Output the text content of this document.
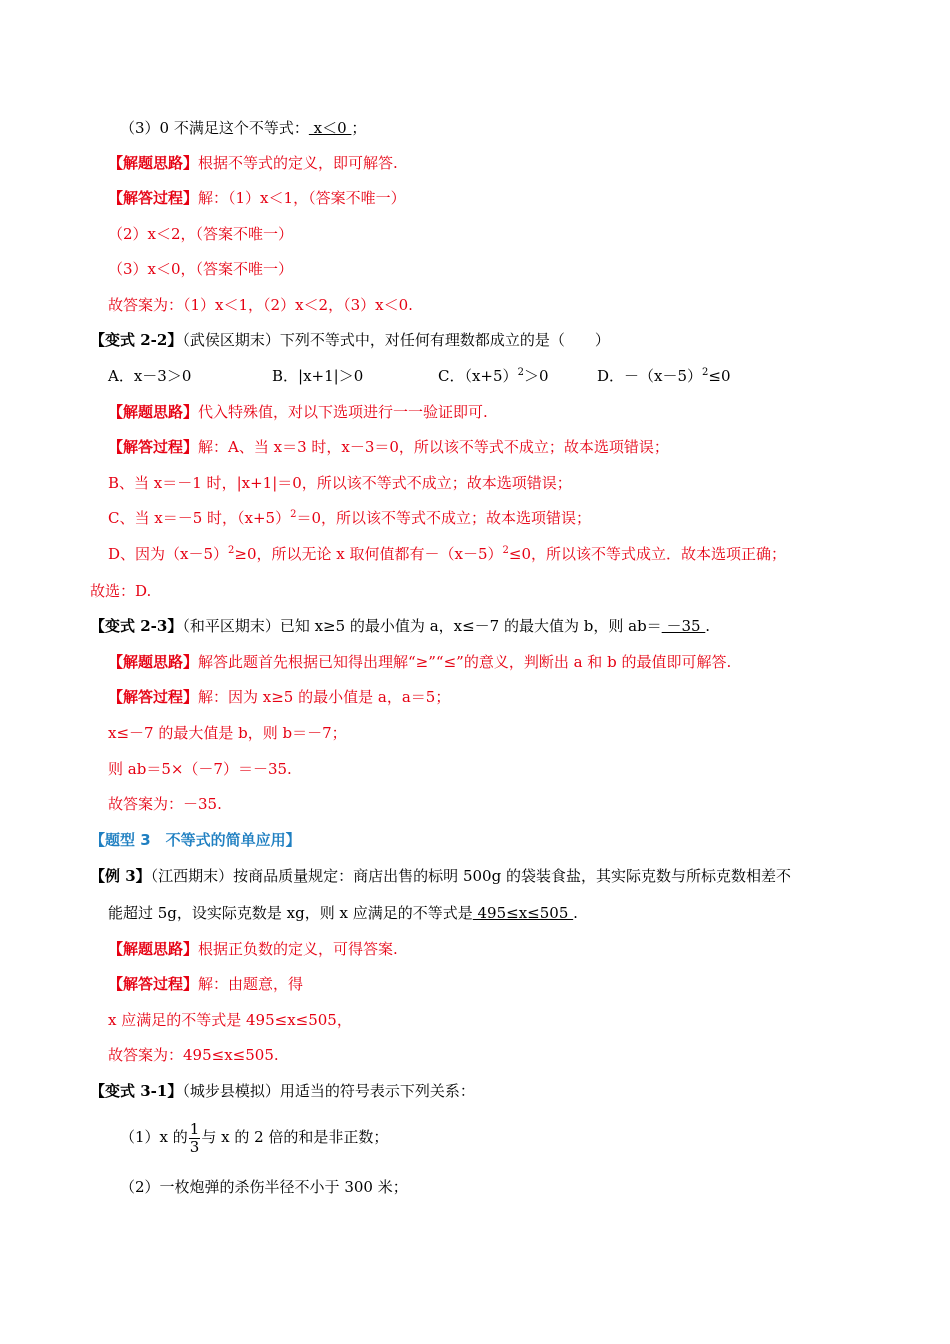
（3）0 不满足这个不等式： x＜0 ；
【解题思路】根据不等式的定义，即可解答.
【解答过程】解：（1）x＜1，（答案不唯一）
（2）x＜2，（答案不唯一）
（3）x＜0，（答案不唯一）
故答案为：（1）x＜1，（2）x＜2，（3）x＜0.
【变式 2-2】（武侯区期末）下列不等式中，对任何有理数都成立的是（　　）
A．x－3＞0	B．|x+1|＞0	C．$(x+5)^2>0$	D．$-(x-5)^2\le 0$
【解题思路】代入特殊值，对以下选项进行一一验证即可.
【解答过程】解：A、当 x＝3 时，x－3＝0，所以该不等式不成立；故本选项错误；
B、当 x＝－1 时，|x+1|＝0，所以该不等式不成立；故本选项错误；
C、当 x＝－5 时，$(x+5)^2=0$，所以该不等式不成立；故本选项错误；
D、因为$(x-5)^2\ge 0$，所以无论 x 取何值都有$-(x-5)^2\le 0$，所以该不等式成立．故本选项正确；
故选：D.
【变式 2-3】（和平区期末）已知 x≥5 的最小值为 a，x≤－7 的最大值为 b，则 ab＝ －35 .
【解题思路】解答此题首先根据已知得出理解“≥”“≤”的意义，判断出 a 和 b 的最值即可解答.
【解答过程】解：因为 x≥5 的最小值是 a，a＝5；
x≤－7 的最大值是 b，则 b＝－7；
则 ab＝5×（－7）＝－35.
故答案为：－35.
【题型 3　不等式的简单应用】
【例 3】（江西期末）按商品质量规定：商店出售的标明 500g 的袋装食盐，其实际克数与所标克数相差不
能超过 5g，设实际克数是 xg，则 x 应满足的不等式是 495≤x≤505 .
【解题思路】根据正负数的定义，可得答案.
【解答过程】解：由题意，得
x 应满足的不等式是 495≤x≤505，
故答案为：495≤x≤505.
【变式 3-1】（城步县模拟）用适当的符号表示下列关系：
（1）x 的 $\frac{1}{3}$ 与 x 的 2 倍的和是非正数；
（2）一枚炮弹的杀伤半径不小于 300 米；
